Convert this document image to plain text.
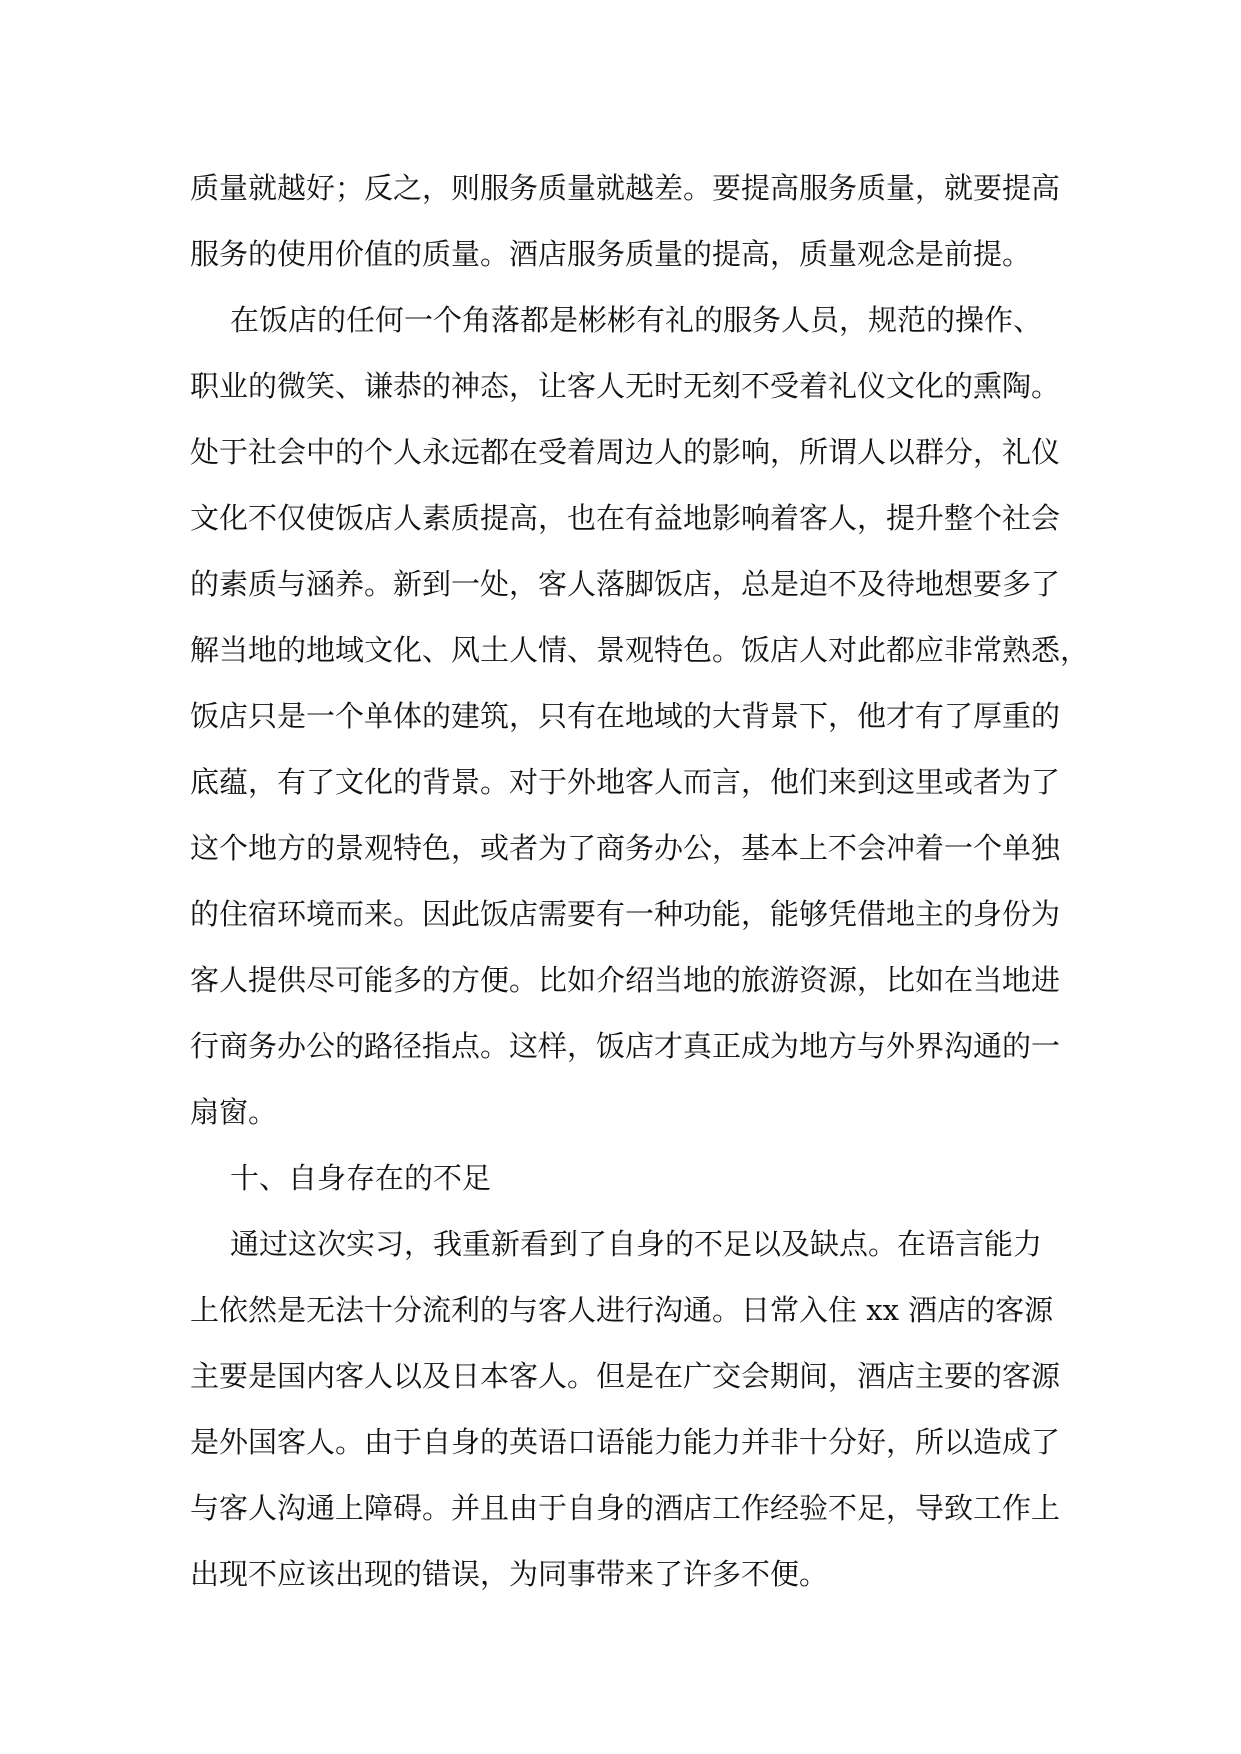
质量就越好；反之，则服务质量就越差。要提高服务质量，就要提高
服务的使用价值的质量。酒店服务质量的提高，质量观念是前提。
在饭店的任何一个角落都是彬彬有礼的服务人员，规范的操作、
职业的微笑、谦恭的神态，让客人无时无刻不受着礼仪文化的熏陶。
处于社会中的个人永远都在受着周边人的影响，所谓人以群分，礼仪
文化不仅使饭店人素质提高，也在有益地影响着客人，提升整个社会
的素质与涵养。新到一处，客人落脚饭店，总是迫不及待地想要多了
解当地的地域文化、风土人情、景观特色。饭店人对此都应非常熟悉，
饭店只是一个单体的建筑，只有在地域的大背景下，他才有了厚重的
底蕴，有了文化的背景。对于外地客人而言，他们来到这里或者为了
这个地方的景观特色，或者为了商务办公，基本上不会冲着一个单独
的住宿环境而来。因此饭店需要有一种功能，能够凭借地主的身份为
客人提供尽可能多的方便。比如介绍当地的旅游资源，比如在当地进
行商务办公的路径指点。这样，饭店才真正成为地方与外界沟通的一
扇窗。
十、自身存在的不足
通过这次实习，我重新看到了自身的不足以及缺点。在语言能力
上依然是无法十分流利的与客人进行沟通。日常入住 xx 酒店的客源
主要是国内客人以及日本客人。但是在广交会期间，酒店主要的客源
是外国客人。由于自身的英语口语能力能力并非十分好，所以造成了
与客人沟通上障碍。并且由于自身的酒店工作经验不足，导致工作上
出现不应该出现的错误，为同事带来了许多不便。
